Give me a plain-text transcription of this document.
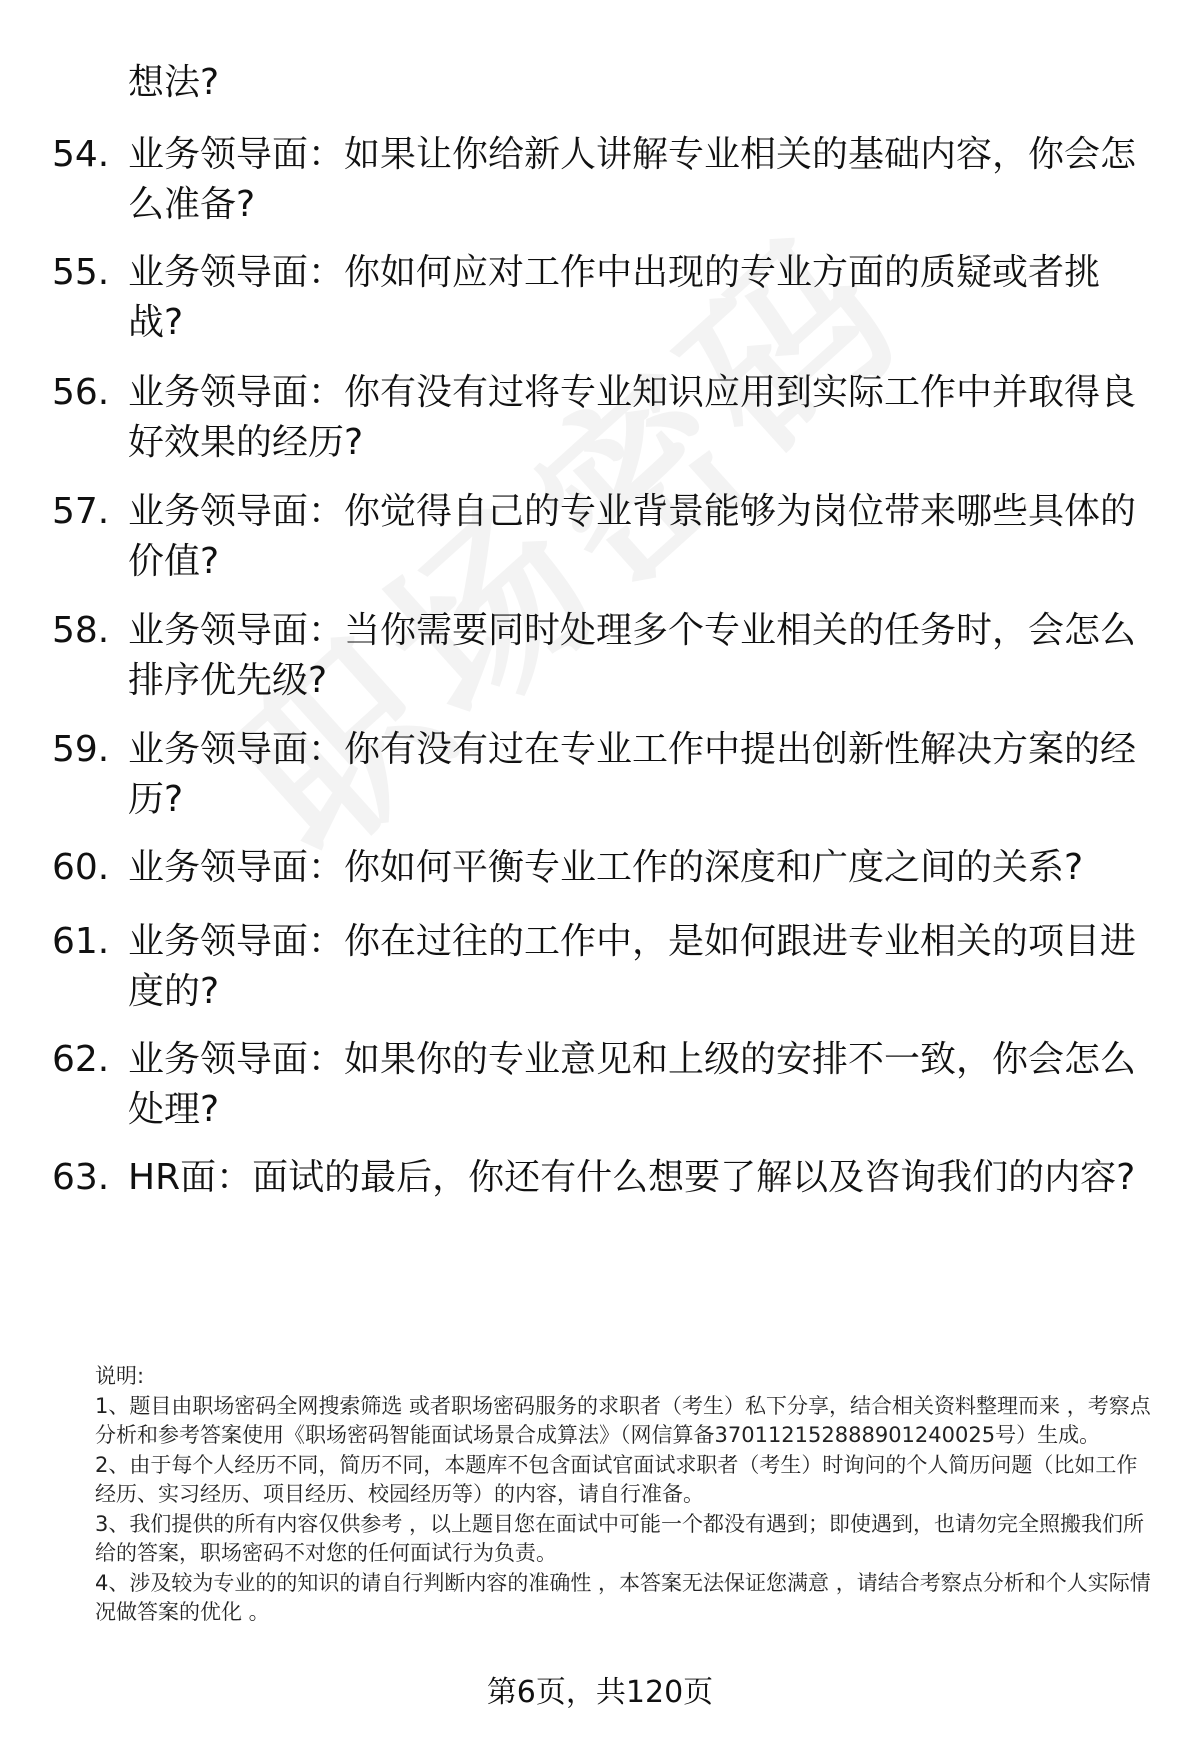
想法?
54. 业务领导面：如果让你给新人讲解专业相关的基础内容，你会怎么准备?
55. 业务领导面：你如何应对工作中出现的专业方面的质疑或者挑战?
56. 业务领导面：你有没有过将专业知识应用到实际工作中并取得良好效果的经历?
57. 业务领导面：你觉得自己的专业背景能够为岗位带来哪些具体的价值?
58. 业务领导面：当你需要同时处理多个专业相关的任务时，会怎么排序优先级?
59. 业务领导面：你有没有过在专业工作中提出创新性解决方案的经历?
60. 业务领导面：你如何平衡专业工作的深度和广度之间的关系?
61. 业务领导面：你在过往的工作中，是如何跟进专业相关的项目进度的?
62. 业务领导面：如果你的专业意见和上级的安排不一致，你会怎么处理?
63. HR面：面试的最后，你还有什么想要了解以及咨询我们的内容?

说明:

1、题目由职场密码全网搜索筛选 或者职场密码服务的求职者（考生）私下分享，结合相关资料整理而来 ，考察点分析和参考答案使用《职场密码智能面试场景合成算法》（网信算备370112152888901240025号）生成。

2、由于每个人经历不同，简历不同，本题库不包含面试官面试求职者（考生）时询问的个人简历问题（比如工作经历、实习经历、项目经历、校园经历等）的内容，请自行准备。

3、我们提供的所有内容仅供参考 ，以上题目您在面试中可能一个都没有遇到；即使遇到，也请勿完全照搬我们所给的答案，职场密码不对您的任何面试行为负责。

4、涉及较为专业的的知识的请自行判断内容的准确性 ，本答案无法保证您满意 ，请结合考察点分析和个人实际情况做答案的优化 。

第6页，共120页
